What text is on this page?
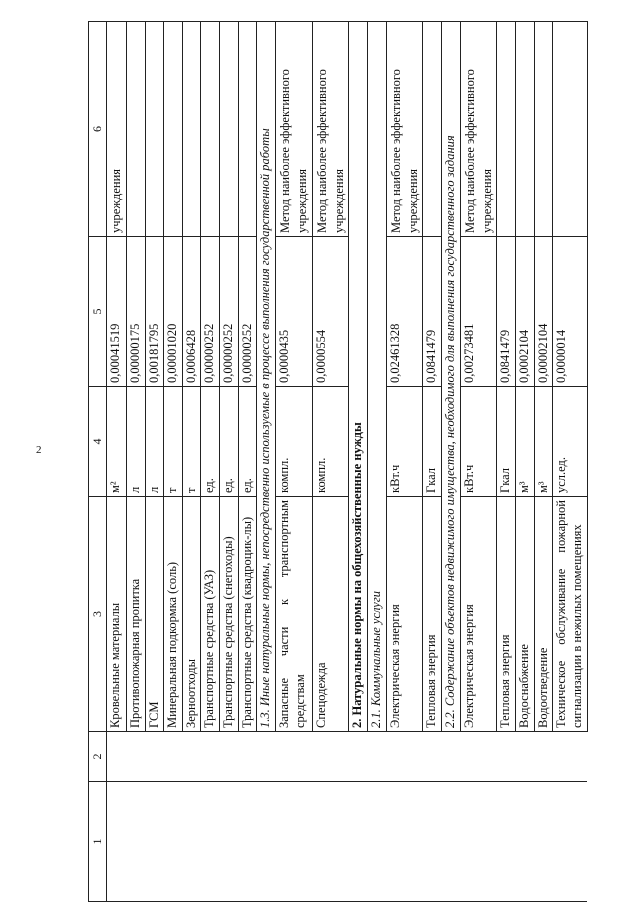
2
1	2	3	4	5	6
		Кровельные материалы	м²	0,00041519	учреждения
		Противопожарная пропитка	л	0,00000175	
		ГСМ	л	0,00181795	
		Минеральная подкормка (соль)	т	0,00001020	
		Зерноотходы	т	0,0006428	
		Транспортные средства (УАЗ)	ед.	0,00000252	
		Транспортные средства (снегоходы)	ед.	0,00000252	
		Транспортные средства (квадроцик-лы)	ед.	0,00000252	
		1.3. Иные натуральные нормы, непосредственно используемые в процессе выполнения государственной работы			
		Запасные части к транспортным средствам	компл.	0,0000435	Метод наиболее эффективного учреждения
		Спецодежда	компл.	0,0000554	Метод наиболее эффективного учреждения
		2. Натуральные нормы на общехозяйственные нужды			
		2.1. Коммунальные услуги			
		Электрическая энергия	кВт.ч	0,02461328	Метод наиболее эффективного учреждения
		Тепловая энергия	Гкал	0,0841479	
		2.2. Содержание объектов недвижимого имущества, необходимого для выполнения государственного задания			
		Электрическая энергия	кВт.ч	0,00273481	Метод наиболее эффективного учреждения
		Тепловая энергия	Гкал	0,0841479	
		Водоснабжение	м³	0,0002104	
		Водоотведение	м³	0,00002104	
		Техническое обслуживание пожарной сигнализации в нежилых помещениях	усл.ед.	0,0000014	
